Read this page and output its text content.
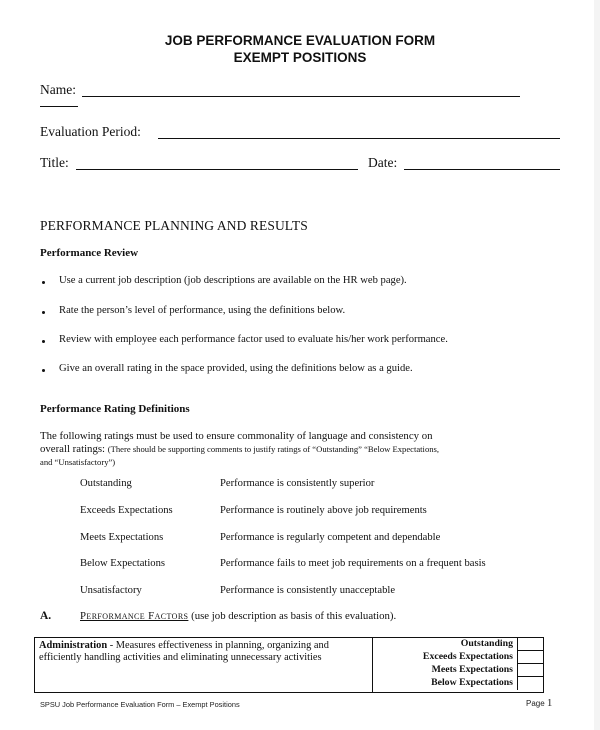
JOB PERFORMANCE EVALUATION FORM
EXEMPT POSITIONS
Name:
Evaluation Period:
Title:	Date:
PERFORMANCE PLANNING AND RESULTS
Performance Review
Use a current job description (job descriptions are available on the HR web page).
Rate the person’s level of performance, using the definitions below.
Review with employee each performance factor used to evaluate his/her work performance.
Give an overall rating in the space provided, using the definitions below as a guide.
Performance Rating Definitions
The following ratings must be used to ensure commonality of language and consistency on
overall ratings: (There should be supporting comments to justify ratings of “Outstanding” “Below Expectations,
and “Unsatisfactory”)
Outstanding	Performance is consistently superior
Exceeds Expectations	Performance is routinely above job requirements
Meets Expectations	Performance is regularly competent and dependable
Below Expectations	Performance fails to meet job requirements on a frequent basis
Unsatisfactory	Performance is consistently unacceptable
A.	Performance Factors (use job description as basis of this evaluation).
Administration - Measures effectiveness in planning, organizing and efficiently handling activities and eliminating unnecessary activities
Outstanding
Exceeds Expectations
Meets Expectations
Below Expectations
SPSU Job Performance Evaluation Form – Exempt Positions	Page 1
